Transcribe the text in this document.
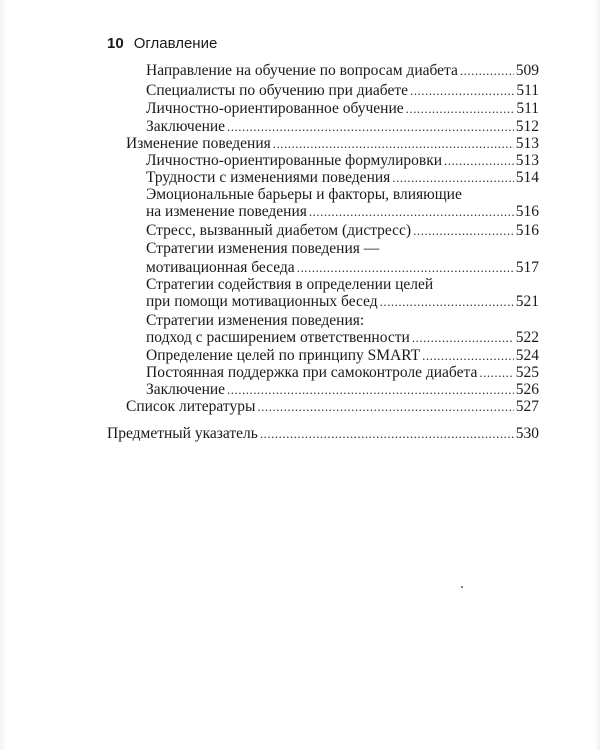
10 Оглавление
Направление на обучение по вопросам диабета .....	509
Специалисты по обучению при диабете .....	511
Личностно-ориентированное обучение .....	511
Заключение .....	512
Изменение поведения .....	513
Личностно-ориентированные формулировки .....	513
Трудности с изменениями поведения .....	514
Эмоциональные барьеры и факторы, влияющие
на изменение поведения .....	516
Стресс, вызванный диабетом (дистресс) .....	516
Стратегии изменения поведения —
мотивационная беседа .....	517
Стратегии содействия в определении целей
при помощи мотивационных бесед .....	521
Стратегии изменения поведения:
подход с расширением ответственности .....	522
Определение целей по принципу SMART .....	524
Постоянная поддержка при самоконтроле диабета ..... 525
Заключение .....	526
Список литературы .....	527
Предметный указатель .....	530
